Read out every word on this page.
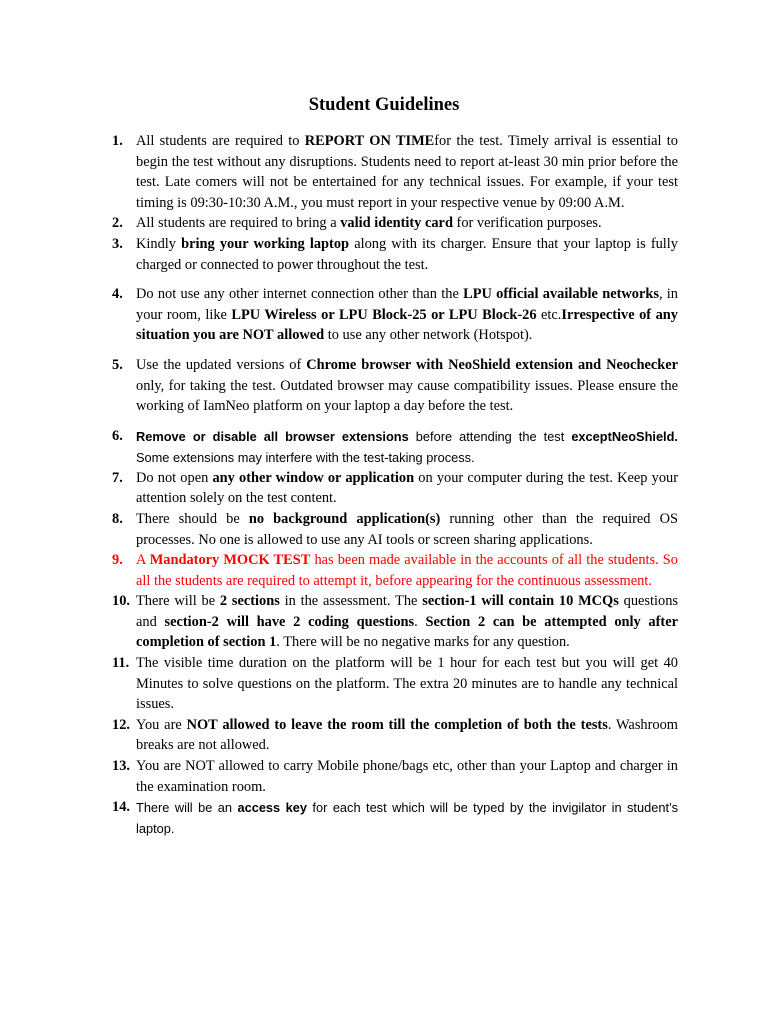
Student Guidelines
1. All students are required to REPORT ON TIMEfor the test. Timely arrival is essential to begin the test without any disruptions. Students need to report at-least 30 min prior before the test. Late comers will not be entertained for any technical issues. For example, if your test timing is 09:30-10:30 A.M., you must report in your respective venue by 09:00 A.M.

2. All students are required to bring a valid identity card for verification purposes.

3. Kindly bring your working laptop along with its charger. Ensure that your laptop is fully charged or connected to power throughout the test.

4. Do not use any other internet connection other than the LPU official available networks, in your room, like LPU Wireless or LPU Block-25 or LPU Block-26 etc.Irrespective of any situation you are NOT allowed to use any other network (Hotspot).

5. Use the updated versions of Chrome browser with NeoShield extension and Neochecker only, for taking the test. Outdated browser may cause compatibility issues. Please ensure the working of IamNeo platform on your laptop a day before the test.

6.	Remove or disable all browser extensions before attending the test exceptNeoShield. Some extensions may interfere with the test-taking process.

7. Do not open any other window or application on your computer during the test. Keep your attention solely on the test content.

8. There should be no background application(s) running other than the required OS processes. No one is allowed to use any AI tools or screen sharing applications.

9. A Mandatory MOCK TEST has been made available in the accounts of all the students. So all the students are required to attempt it, before appearing for the continuous assessment.

10. There will be 2 sections in the assessment. The section-1 will contain 10 MCQs questions and section-2 will have 2 coding questions. Section 2 can be attempted only after completion of section 1. There will be no negative marks for any question.

11. The visible time duration on the platform will be 1 hour for each test but you will get 40 Minutes to solve questions on the platform. The extra 20 minutes are to handle any technical issues.

12. You are NOT allowed to leave the room till the completion of both the tests. Washroom breaks are not allowed.

13. You are NOT allowed to carry Mobile phone/bags etc, other than your Laptop and charger in the examination room.

14. There will be an access key for each test which will be typed by the invigilator in student’s laptop.
